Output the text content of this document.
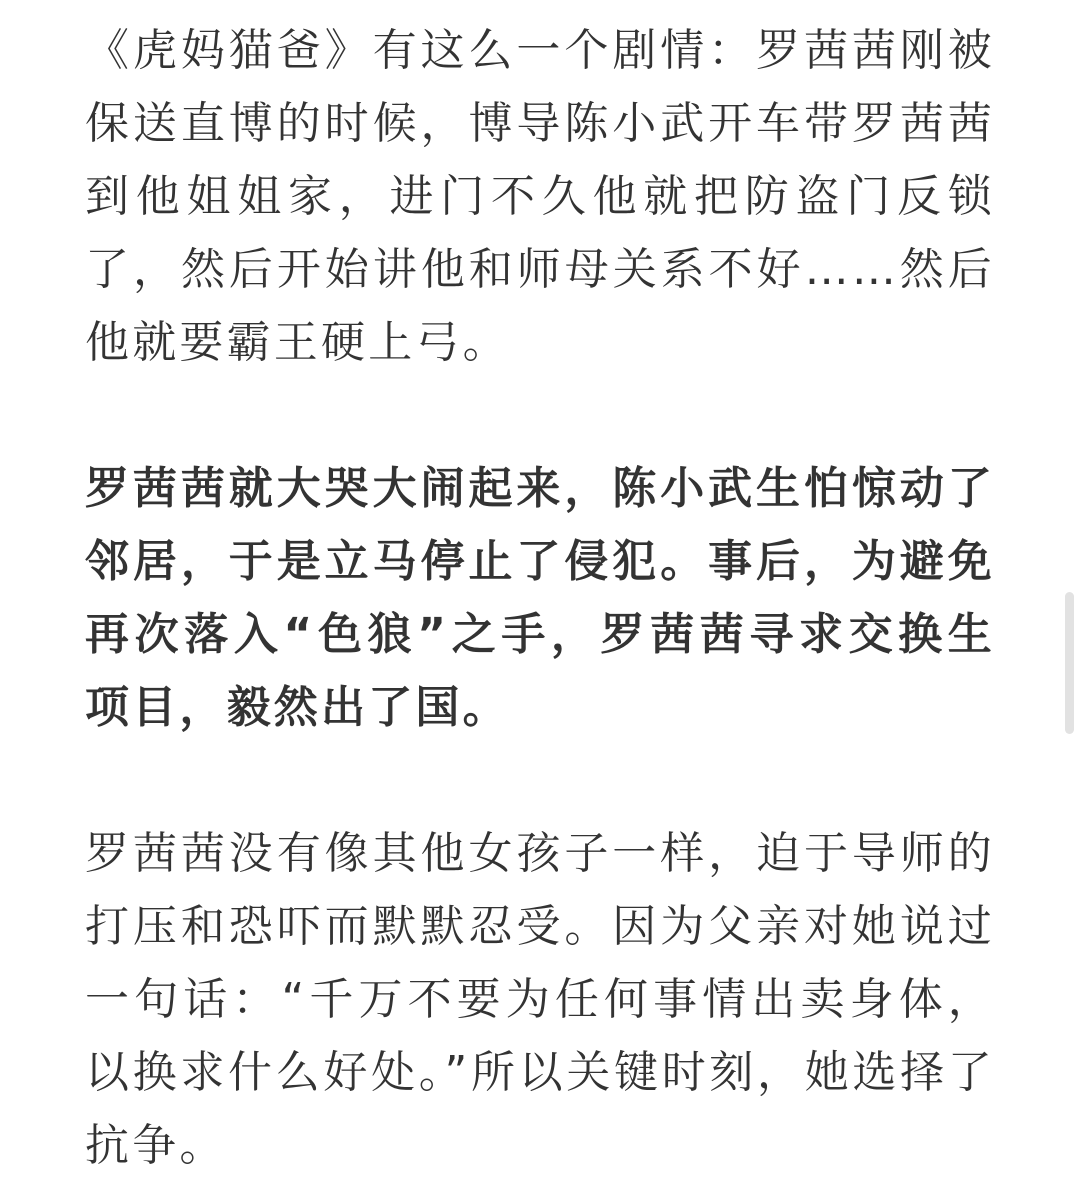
《虎妈猫爸》有这么一个剧情：罗茜茜刚被保送直博的时候，博导陈小武开车带罗茜茜到他姐姐家，进门不久他就把防盗门反锁了，然后开始讲他和师母关系不好……然后他就要霸王硬上弓。

罗茜茜就大哭大闹起来，陈小武生怕惊动了邻居，于是立马停止了侵犯。事后，为避免再次落入“色狼”之手，罗茜茜寻求交换生项目，毅然出了国。

罗茜茜没有像其他女孩子一样，迫于导师的打压和恐吓而默默忍受。因为父亲对她说过一句话：“千万不要为任何事情出卖身体，以换求什么好处。”所以关键时刻，她选择了抗争。
